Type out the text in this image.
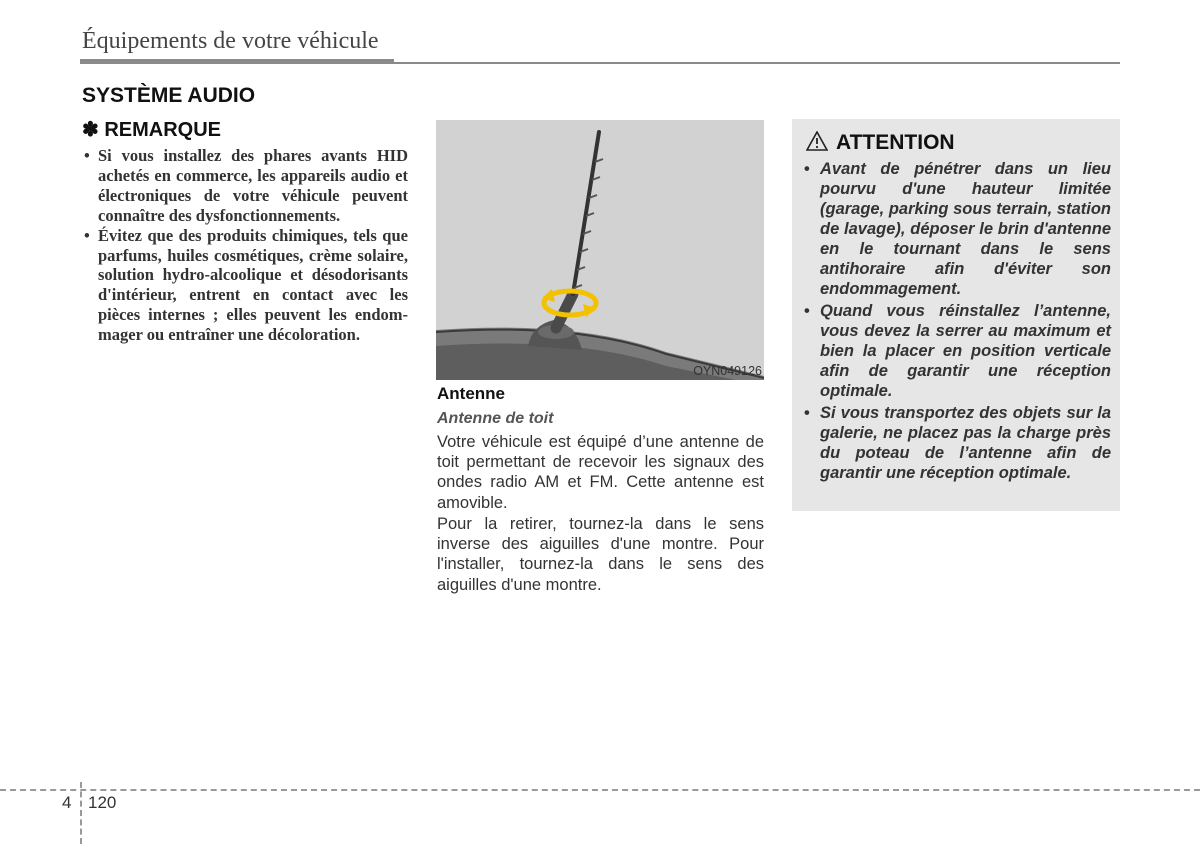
Équipements de votre véhicule
SYSTÈME AUDIO
✽ REMARQUE
• Si vous installez des phares avants HID achetés en commerce, les appareils audio et électroniques de votre véhicule peuvent connaître des dysfonctionnements.
• Évitez que des produits chimiques, tels que parfums, huiles cosmétiques, crème solaire, solution hydro-alcoolique et désodorisants d'intérieur, entrent en contact avec les pièces internes ; elles peuvent les endom-mager ou entraîner une décoloration.
OYN049126
Antenne
Antenne de toit

Votre véhicule est équipé d’une antenne de toit permettant de recevoir les signaux des ondes radio AM et FM. Cette antenne est amovible.

Pour la retirer, tournez-la dans le sens inverse des aiguilles d'une montre. Pour l'installer, tournez-la dans le sens des aiguilles d'une montre.

ATTENTION
• Avant de pénétrer dans un lieu pourvu d'une hauteur limitée (garage, parking sous terrain, station de lavage), déposer le brin d'antenne en le tournant dans le sens antihoraire afin d'éviter son endommagement.
• Quand vous réinstallez l’antenne, vous devez la serrer au maximum et bien la placer en position verticale afin de garantir une réception optimale.
• Si vous transportez des objets sur la galerie, ne placez pas la charge près du poteau de l’antenne afin de garantir une réception optimale.
4 120
